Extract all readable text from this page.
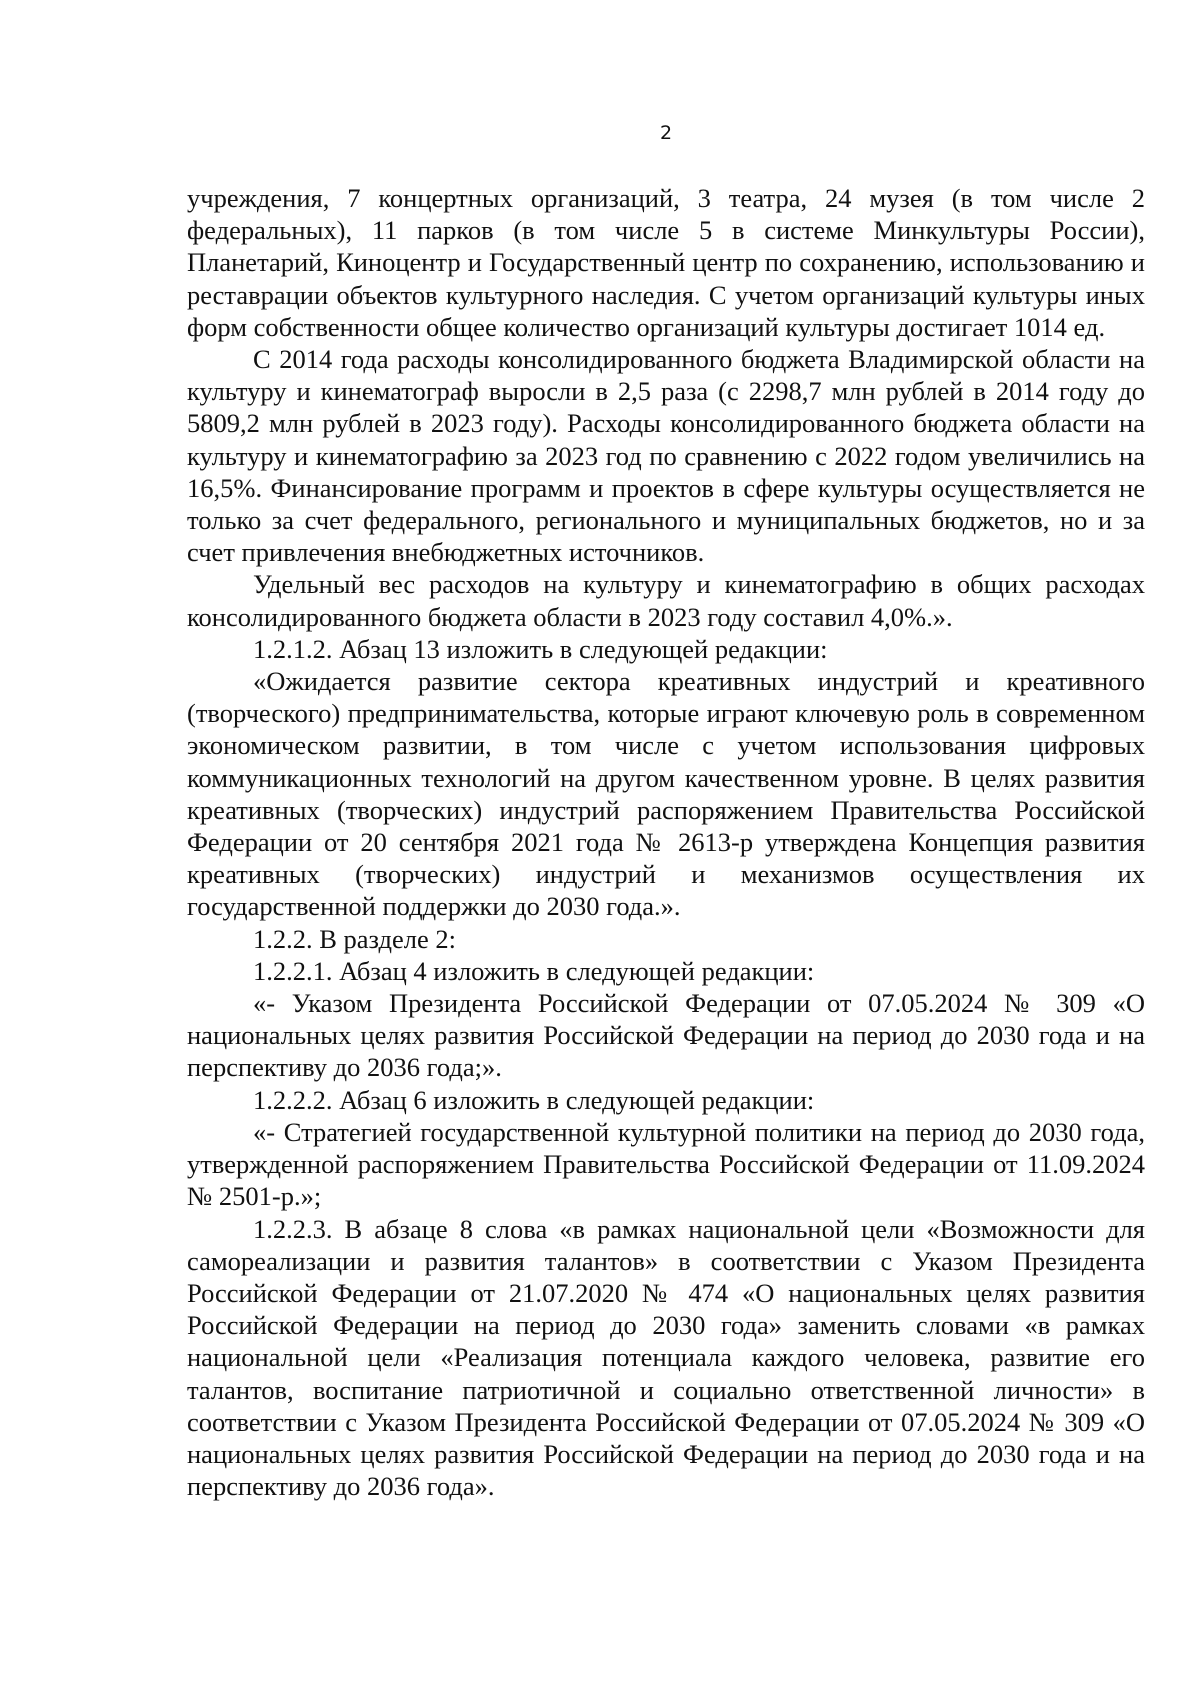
2

учреждения, 7 концертных организаций, 3 театра, 24 музея (в том числе 2 федеральных), 11 парков (в том числе 5 в системе Минкультуры России), Планетарий, Киноцентр и Государственный центр по сохранению, использованию и реставрации объектов культурного наследия. С учетом организаций культуры иных форм собственности общее количество организаций культуры достигает 1014 ед.

С 2014 года расходы консолидированного бюджета Владимирской области на культуру и кинематограф выросли в 2,5 раза (с 2298,7 млн рублей в 2014 году до 5809,2 млн рублей в 2023 году). Расходы консолидированного бюджета области на культуру и кинематографию за 2023 год по сравнению с 2022 годом увеличились на 16,5%. Финансирование программ и проектов в сфере культуры осуществляется не только за счет федерального, регионального и муниципальных бюджетов, но и за счет привлечения внебюджетных источников.

Удельный вес расходов на культуру и кинематографию в общих расходах консолидированного бюджета области в 2023 году составил 4,0%.».

1.2.1.2. Абзац 13 изложить в следующей редакции:

«Ожидается развитие сектора креативных индустрий и креативного (творческого) предпринимательства, которые играют ключевую роль в современном экономическом развитии, в том числе с учетом использования цифровых коммуникационных технологий на другом качественном уровне. В целях развития креативных (творческих) индустрий распоряжением Правительства Российской Федерации от 20 сентября 2021 года № 2613-р утверждена Концепция развития креативных (творческих) индустрий и механизмов осуществления их государственной поддержки до 2030 года.».

1.2.2. В разделе 2:

1.2.2.1. Абзац 4 изложить в следующей редакции:

«- Указом Президента Российской Федерации от 07.05.2024 № 309 «О национальных целях развития Российской Федерации на период до 2030 года и на перспективу до 2036 года;».

1.2.2.2. Абзац 6 изложить в следующей редакции:

«- Стратегией государственной культурной политики на период до 2030 года, утвержденной распоряжением Правительства Российской Федерации от 11.09.2024 № 2501-р.»;

1.2.2.3. В абзаце 8 слова «в рамках национальной цели «Возможности для самореализации и развития талантов» в соответствии с Указом Президента Российской Федерации от 21.07.2020 № 474 «О национальных целях развития Российской Федерации на период до 2030 года» заменить словами «в рамках национальной цели «Реализация потенциала каждого человека, развитие его талантов, воспитание патриотичной и социально ответственной личности» в соответствии с Указом Президента Российской Федерации от 07.05.2024 № 309 «О национальных целях развития Российской Федерации на период до 2030 года и на перспективу до 2036 года».
